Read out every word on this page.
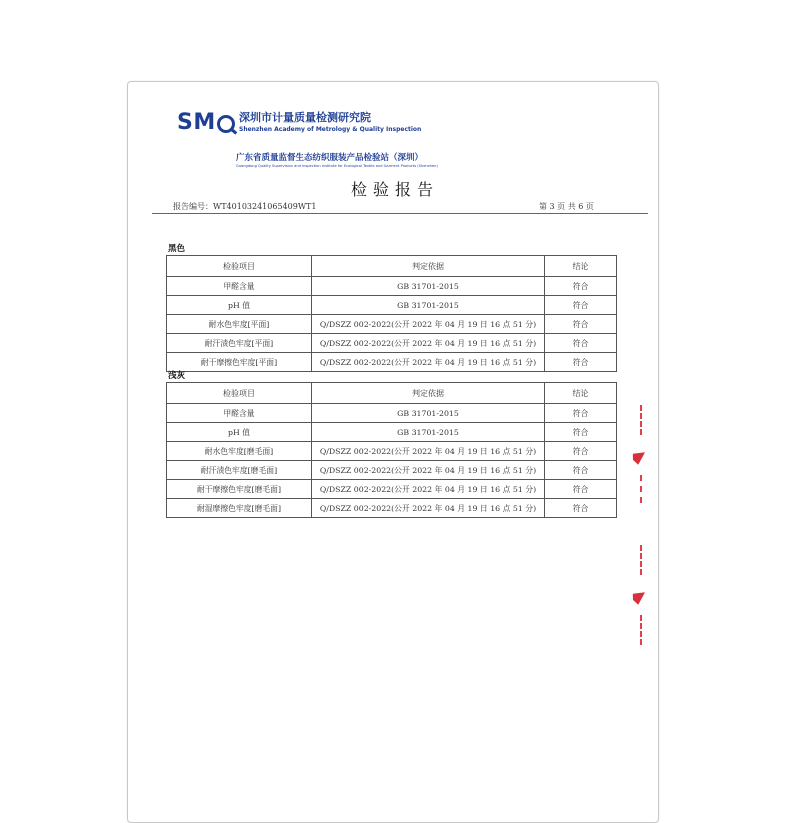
SM 深圳市计量质量检测研究院
Shenzhen Academy of Metrology & Quality Inspection
广东省质量监督生态纺织服装产品检验站（深圳）
Guangdong Quality Supervision and Inspection Institute for Ecological Textile and Garment Products (Shenzhen)
检验报告
报告编号：WT40103241065409WT1	第 3 页 共 6 页
黑色
检验项目	判定依据	结论
甲醛含量	GB 31701-2015	符合
pH 值	GB 31701-2015	符合
耐水色牢度[平面]	Q/DSZZ 002-2022(公开 2022 年 04 月 19 日 16 点 51 分)	符合
耐汗渍色牢度[平面]	Q/DSZZ 002-2022(公开 2022 年 04 月 19 日 16 点 51 分)	符合
耐干摩擦色牢度[平面]	Q/DSZZ 002-2022(公开 2022 年 04 月 19 日 16 点 51 分)	符合
浅灰
检验项目	判定依据	结论
甲醛含量	GB 31701-2015	符合
pH 值	GB 31701-2015	符合
耐水色牢度[磨毛面]	Q/DSZZ 002-2022(公开 2022 年 04 月 19 日 16 点 51 分)	符合
耐汗渍色牢度[磨毛面]	Q/DSZZ 002-2022(公开 2022 年 04 月 19 日 16 点 51 分)	符合
耐干摩擦色牢度[磨毛面]	Q/DSZZ 002-2022(公开 2022 年 04 月 19 日 16 点 51 分)	符合
耐湿摩擦色牢度[磨毛面]	Q/DSZZ 002-2022(公开 2022 年 04 月 19 日 16 点 51 分)	符合
